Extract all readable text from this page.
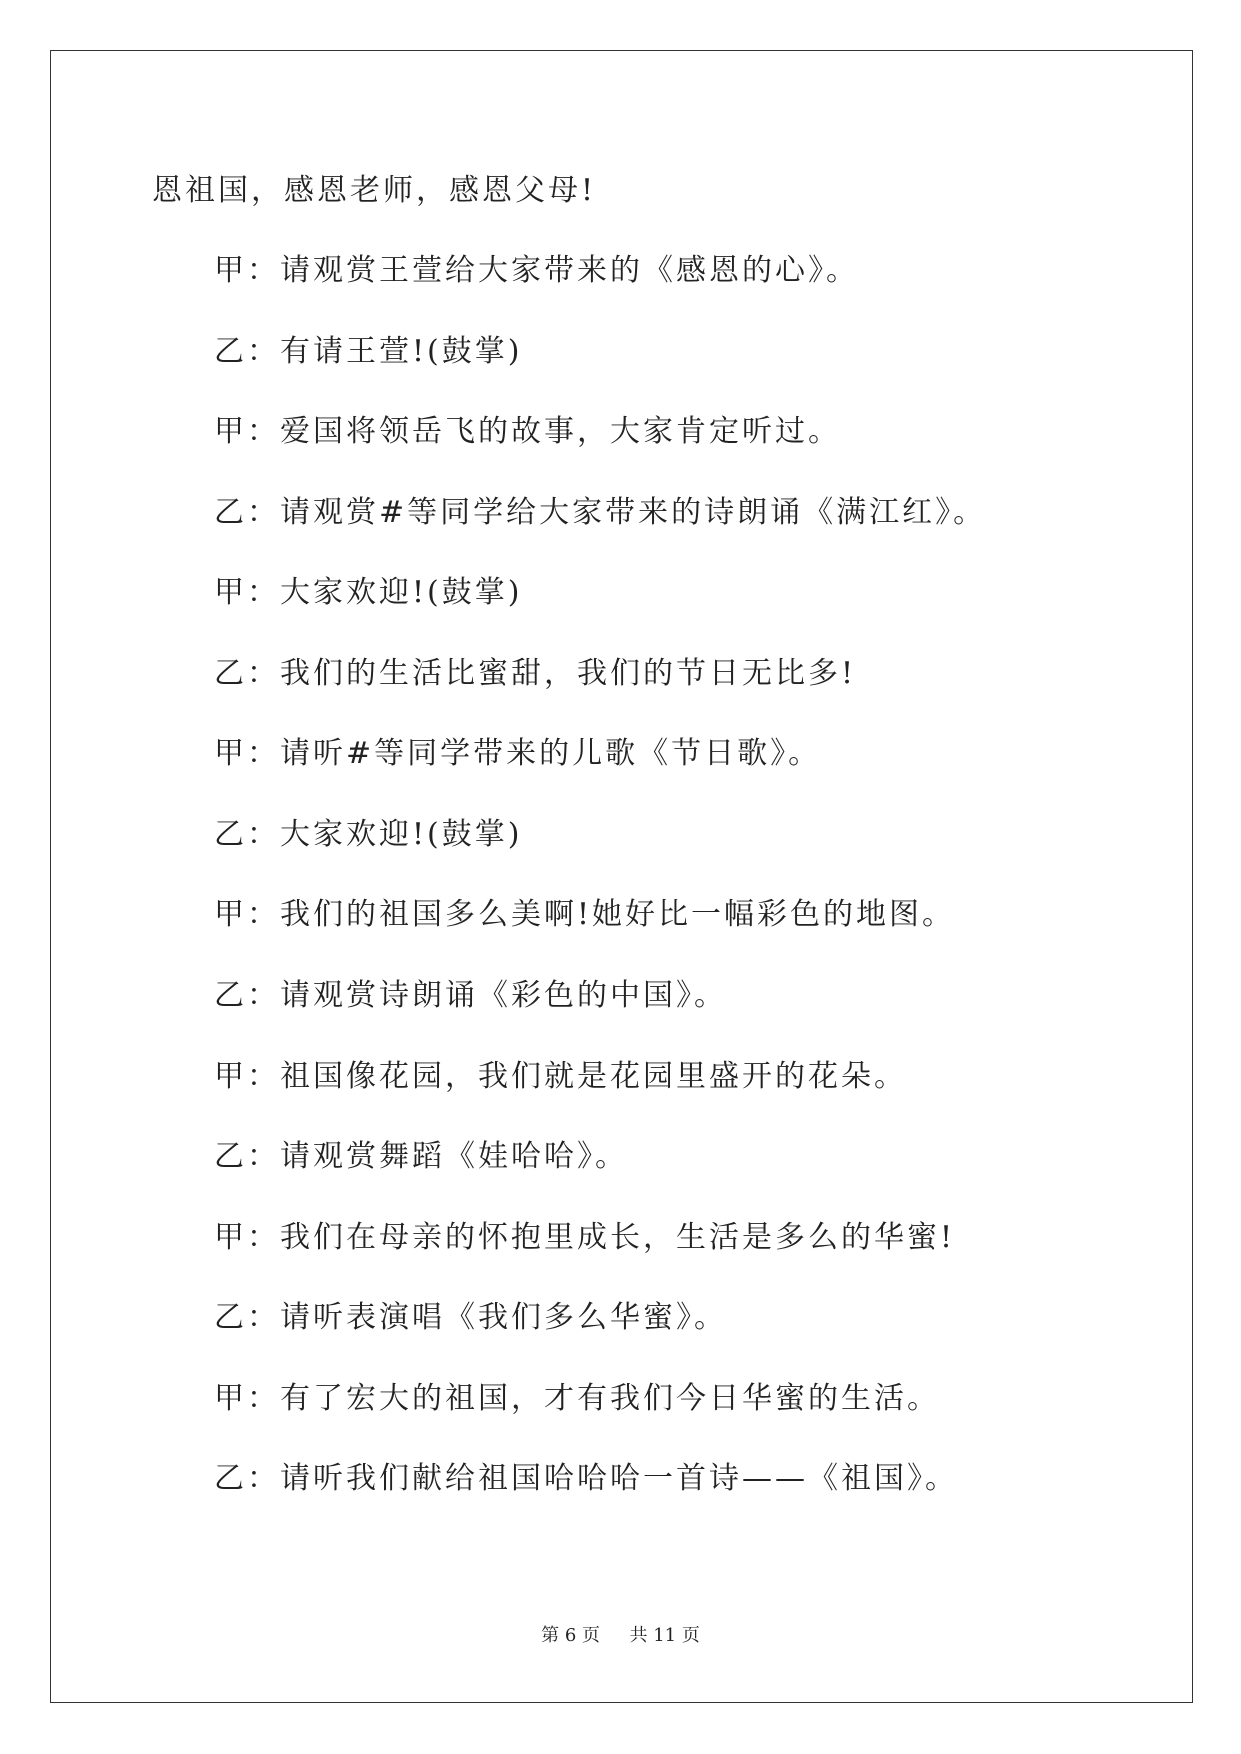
恩祖国，感恩老师，感恩父母!
甲：请观赏王萱给大家带来的《感恩的心》。
乙：有请王萱!(鼓掌)
甲：爱国将领岳飞的故事，大家肯定听过。
乙：请观赏#等同学给大家带来的诗朗诵《满江红》。
甲：大家欢迎!(鼓掌)
乙：我们的生活比蜜甜，我们的节日无比多!
甲：请听#等同学带来的儿歌《节日歌》。
乙：大家欢迎!(鼓掌)
甲：我们的祖国多么美啊!她好比一幅彩色的地图。
乙：请观赏诗朗诵《彩色的中国》。
甲：祖国像花园，我们就是花园里盛开的花朵。
乙：请观赏舞蹈《娃哈哈》。
甲：我们在母亲的怀抱里成长，生活是多么的华蜜!
乙：请听表演唱《我们多么华蜜》。
甲：有了宏大的祖国，才有我们今日华蜜的生活。
乙：请听我们献给祖国哈哈哈一首诗——《祖国》。
第 6 页 共 11 页
